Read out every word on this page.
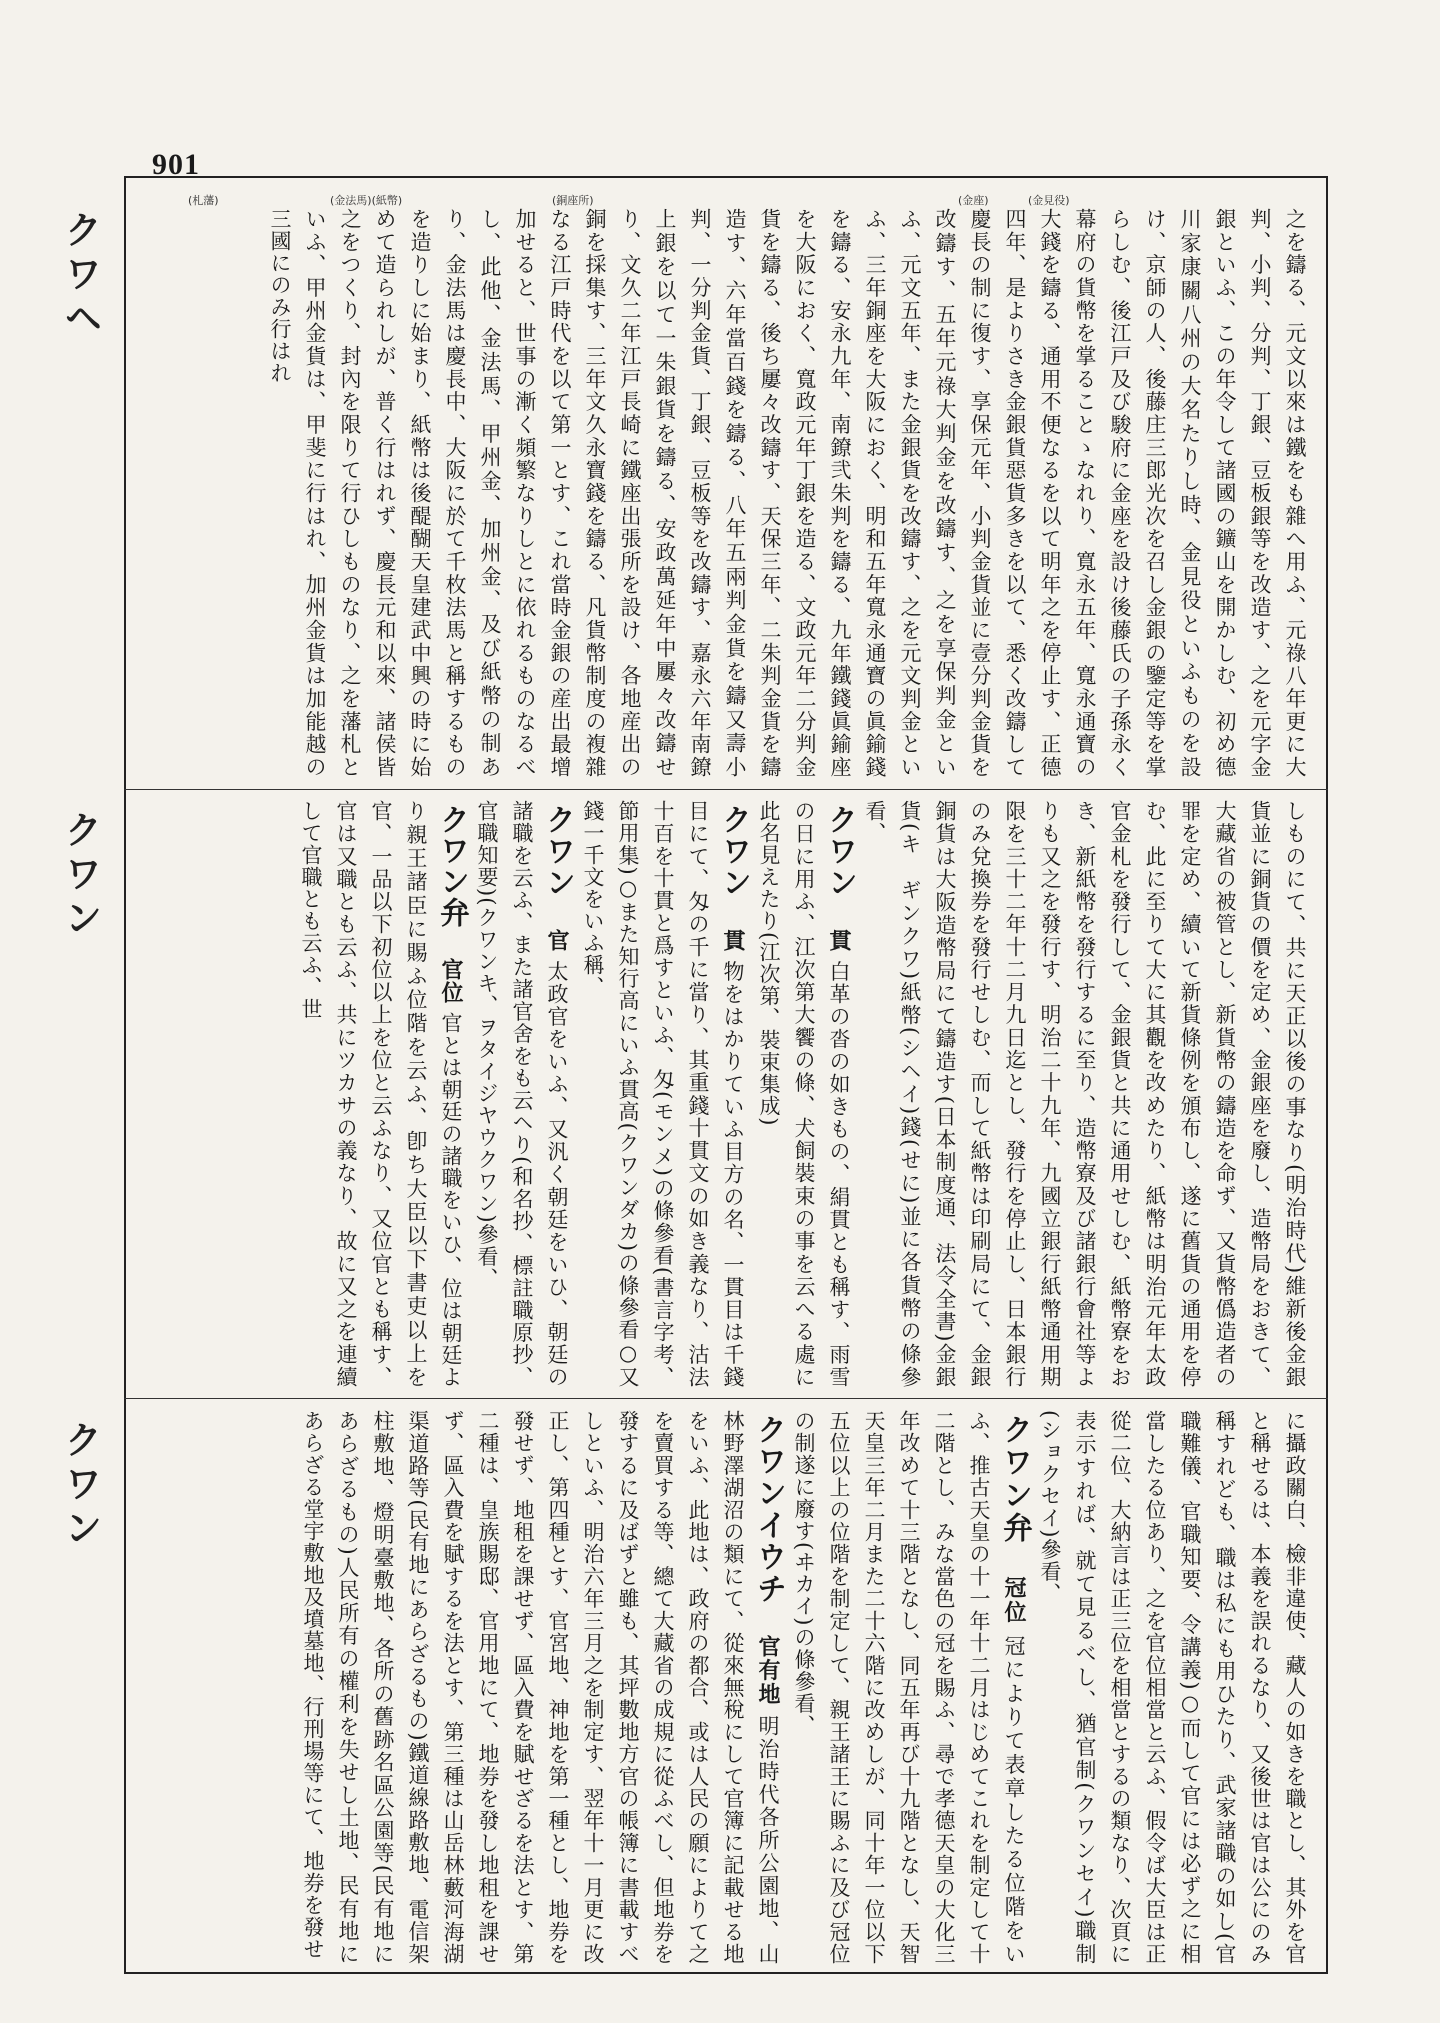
901
(金見役)
(金座)
(銅座所)
(金法馬)(紙幣)
(札藩)
クワヘ
クワン
クワン
之を鑄る、元文以來は鐵をも雜へ用ふ、元祿八年更に大判、小判、分判、丁銀、豆板銀等を改造す、之を元字金銀といふ、この年令して諸國の鑛山を開かしむ、初め德川家康關八州の大名たりし時、金見役といふものを設け、京師の人、後藤庄三郎光次を召し金銀の鑒定等を掌らしむ、後江戸及び駿府に金座を設け後藤氏の子孫永く幕府の貨幣を掌ることゝなれり、寬永五年、寬永通寶の大錢を鑄る、通用不便なるを以て明年之を停止す、正德四年、是よりさき金銀貨惡貨多きを以て、悉く改鑄して慶長の制に復す、享保元年、小判金貨並に壹分判金貨を改鑄す、五年元祿大判金を改鑄す、之を享保判金といふ、元文五年、また金銀貨を改鑄す、之を元文判金といふ、三年銅座を大阪におく、明和五年寬永通寶の眞鍮錢を鑄る、安永九年、南鐐弐朱判を鑄る、九年鐵錢眞鍮座を大阪におく、寬政元年丁銀を造る、文政元年二分判金貨を鑄る、後ち屢々改鑄す、天保三年、二朱判金貨を鑄造す、六年當百錢を鑄る、八年五兩判金貨を鑄又壽小判、一分判金貨、丁銀、豆板等を改鑄す、嘉永六年南鐐上銀を以て一朱銀貨を鑄る、安政萬延年中屢々改鑄せり、文久二年江戸長崎に鐵座出張所を設け、各地産出の銅を採集す、三年文久永寶錢を鑄る、凡貨幣制度の複雜なる江戸時代を以て第一とす、これ當時金銀の産出最增加せると、世事の漸く頻繁なりしとに依れるものなるべし、此他、金法馬、甲州金、加州金、及び紙幣の制あり、金法馬は慶長中、大阪に於て千枚法馬と稱するものを造りしに始まり、紙幣は後醍醐天皇建武中興の時に始めて造られしが、普く行はれず、慶長元和以來、諸侯皆之をつくり、封內を限りて行ひしものなり、之を藩札といふ、甲州金貨は、甲斐に行はれ、加州金貨は加能越の三國にのみ行はれ
しものにて、共に天正以後の事なり(明治時代)維新後金銀貨並に銅貨の價を定め、金銀座を廢し、造幣局をおきて、大藏省の被管とし、新貨幣の鑄造を命ず、又貨幣僞造者の罪を定め、續いて新貨條例を頒布し、遂に舊貨の通用を停む、此に至りて大に其觀を改めたり、紙幣は明治元年太政官金札を發行して、金銀貨と共に通用せしむ、紙幣寮をおき、新紙幣を發行するに至り、造幣寮及び諸銀行會社等よりも又之を發行す、明治二十九年、九國立銀行紙幣通用期限を三十二年十二月九日迄とし、發行を停止し、日本銀行のみ兌換券を發行せしむ、而して紙幣は印刷局にて、金銀銅貨は大阪造幣局にて鑄造す(日本制度通、法令全書)金銀貨(キ　ギンクワ)紙幣(シヘイ)錢(せに)並に各貨幣の條參看、
クワン 貫 白革の沓の如きもの、絹貫とも稱す、雨雪の日に用ふ、江次第大饗の條、犬飼裝束の事を云へる處に此名見えたり(江次第、裝束集成)
クワン 貫 物をはかりていふ目方の名、一貫目は千錢目にて、匁の千に當り、其重錢十貫文の如き義なり、沽法十百を十貫と爲すといふ、匁(モンメ)の條參看(書言字考、節用集)○また知行高にいふ貫高(クワンダカ)の條參看○又錢一千文をいふ稱、
クワン 官 太政官をいふ、又汎く朝廷をいひ、朝廷の諸職を云ふ、また諸官舍をも云ヘり(和名抄、標註職原抄、官職知要)(クワンキ、ヲタイジヤウクワン)參看、
クワン弁 官位 官とは朝廷の諸職をいひ、位は朝廷より親王諸臣に賜ふ位階を云ふ、卽ち大臣以下書吏以上を官、一品以下初位以上を位と云ふなり、又位官とも稱す、官は又職とも云ふ、共にツカサの義なり、故に又之を連續して官職とも云ふ、世
に攝政關白、檢非違使、藏人の如きを職とし、其外を官と稱せるは、本義を誤れるなり、又後世は官は公にのみ稱すれども、職は私にも用ひたり、武家諸職の如し(官職難儀、官職知要、令講義)○而して官には必ず之に相當したる位あり、之を官位相當と云ふ、假令ば大臣は正從二位、大納言は正三位を相當とするの類なり、次頁に表示すれば、就て見るべし、猶官制(クワンセイ)職制(ショクセイ)參看、
クワン弁 冠位 冠によりて表章したる位階をいふ、推古天皇の十一年十二月はじめてこれを制定して十二階とし、みな當色の冠を賜ふ、尋で孝德天皇の大化三年改めて十三階となし、同五年再び十九階となし、天智天皇三年二月また二十六階に改めしが、同十年一位以下五位以上の位階を制定して、親王諸王に賜ふに及び冠位の制遂に廢す(ヰカイ)の條參看、
クワンイウチ 官有地 明治時代各所公園地、山林野澤湖沼の類にて、從來無稅にして官簿に記載せる地をいふ、此地は、政府の都合、或は人民の願によりて之を賣買する等、總て大藏省の成規に從ふべし、但地券を發するに及ばずと雖も、其坪數地方官の帳簿に書載すべしといふ、明治六年三月之を制定す、翌年十一月更に改正し、第四種とす、官宮地、神地を第一種とし、地券を發せず、地租を課せず、區入費を賦せざるを法とす、第二種は、皇族賜邸、官用地にて、地券を發し地租を課せず、區入費を賦するを法とす、第三種は山岳林藪河海湖渠道路等(民有地にあらざるもの)鐵道線路敷地、電信架柱敷地、燈明臺敷地、各所の舊跡名區公園等(民有地にあらざるもの)人民所有の權利を失せし土地、民有地にあらざる堂宇敷地及墳墓地、行刑場等にて、地券を發せ
